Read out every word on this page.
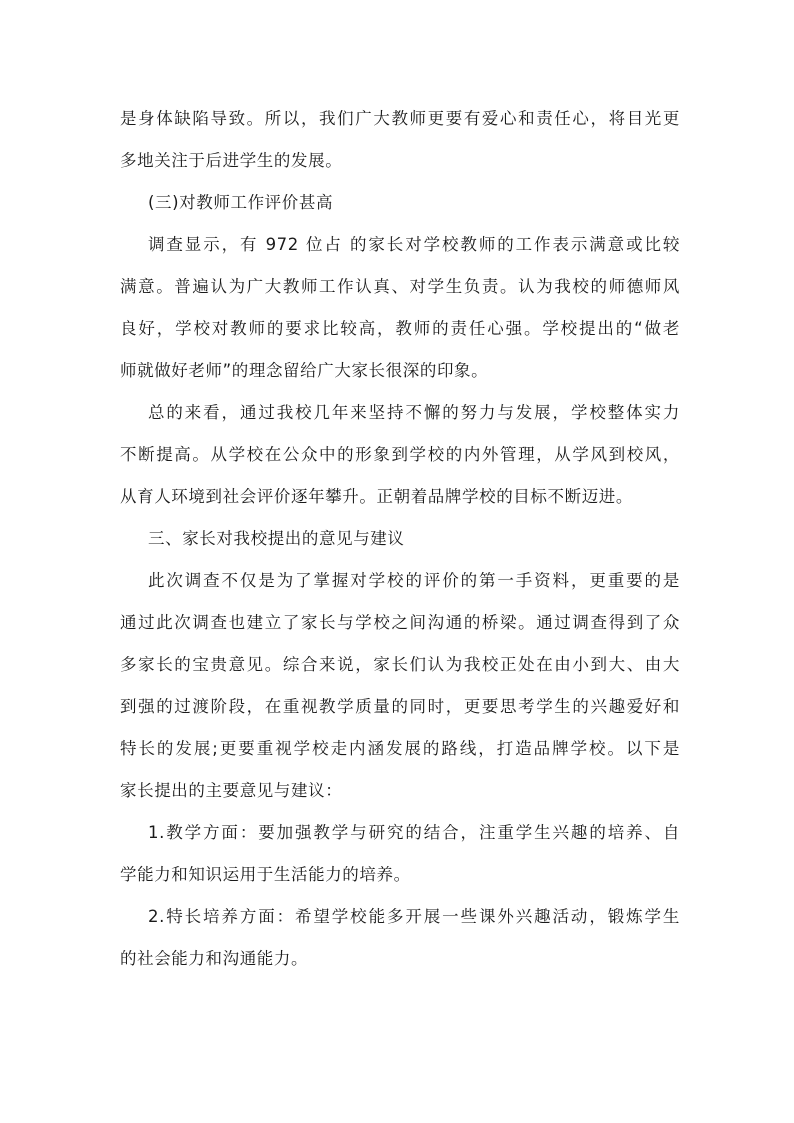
是身体缺陷导致。所以，我们广大教师更要有爱心和责任心，将目光更
多地关注于后进学生的发展。
(三)对教师工作评价甚高
调查显示，有 972 位占 的家长对学校教师的工作表示满意或比较
满意。普遍认为广大教师工作认真、对学生负责。认为我校的师德师风
良好，学校对教师的要求比较高，教师的责任心强。学校提出的“做老
师就做好老师”的理念留给广大家长很深的印象。
总的来看，通过我校几年来坚持不懈的努力与发展，学校整体实力
不断提高。从学校在公众中的形象到学校的内外管理，从学风到校风，
从育人环境到社会评价逐年攀升。正朝着品牌学校的目标不断迈进。
三、家长对我校提出的意见与建议
此次调查不仅是为了掌握对学校的评价的第一手资料，更重要的是
通过此次调查也建立了家长与学校之间沟通的桥梁。通过调查得到了众
多家长的宝贵意见。综合来说，家长们认为我校正处在由小到大、由大
到强的过渡阶段，在重视教学质量的同时，更要思考学生的兴趣爱好和
特长的发展;更要重视学校走内涵发展的路线，打造品牌学校。以下是
家长提出的主要意见与建议：
1.教学方面：要加强教学与研究的结合，注重学生兴趣的培养、自
学能力和知识运用于生活能力的培养。
2.特长培养方面：希望学校能多开展一些课外兴趣活动，锻炼学生
的社会能力和沟通能力。
